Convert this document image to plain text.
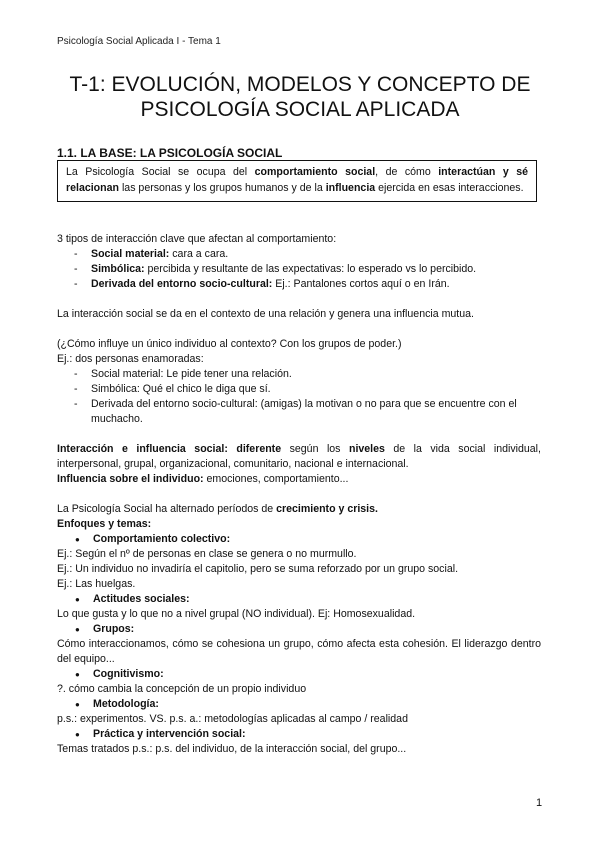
Psicología Social Aplicada I - Tema 1
T-1: EVOLUCIÓN, MODELOS Y CONCEPTO DE
PSICOLOGÍA SOCIAL APLICADA
1.1. LA BASE: LA PSICOLOGÍA SOCIAL
La Psicología Social se ocupa del comportamiento social, de cómo interactúan y sé relacionan las personas y los grupos humanos y de la influencia ejercida en esas interacciones.

3 tipos de interacción clave que afectan al comportamiento:

- Social material: cara a cara.
- Simbólica: percibida y resultante de las expectativas: lo esperado vs lo percibido.
- Derivada del entorno socio-cultural: Ej.: Pantalones cortos aquí o en Irán.

La interacción social se da en el contexto de una relación y genera una influencia mutua.

(¿Cómo influye un único individuo al contexto? Con los grupos de poder.)

Ej.: dos personas enamoradas:

- Social material: Le pide tener una relación.
- Simbólica: Qué el chico le diga que sí.
- Derivada del entorno socio-cultural: (amigas) la motivan o no para que se encuentre con el muchacho.

Interacción e influencia social: diferente según los niveles de la vida social individual, interpersonal, grupal, organizacional, comunitario, nacional e internacional.

Influencia sobre el individuo: emociones, comportamiento...

La Psicología Social ha alternado períodos de crecimiento y crisis.

Enfoques y temas:

● Comportamiento colectivo:

Ej.: Según el nº de personas en clase se genera o no murmullo.

Ej.: Un individuo no invadiría el capitolio, pero se suma reforzado por un grupo social.

Ej.: Las huelgas.

● Actitudes sociales:

Lo que gusta y lo que no a nivel grupal (NO individual). Ej: Homosexualidad.

● Grupos:

Cómo interaccionamos, cómo se cohesiona un grupo, cómo afecta esta cohesión. El liderazgo dentro del equipo...

● Cognitivismo:

?. cómo cambia la concepción de un propio individuo

● Metodología:

p.s.: experimentos. VS. p.s. a.: metodologías aplicadas al campo / realidad

● Práctica y intervención social:

Temas tratados p.s.: p.s. del individuo, de la interacción social, del grupo...

1
